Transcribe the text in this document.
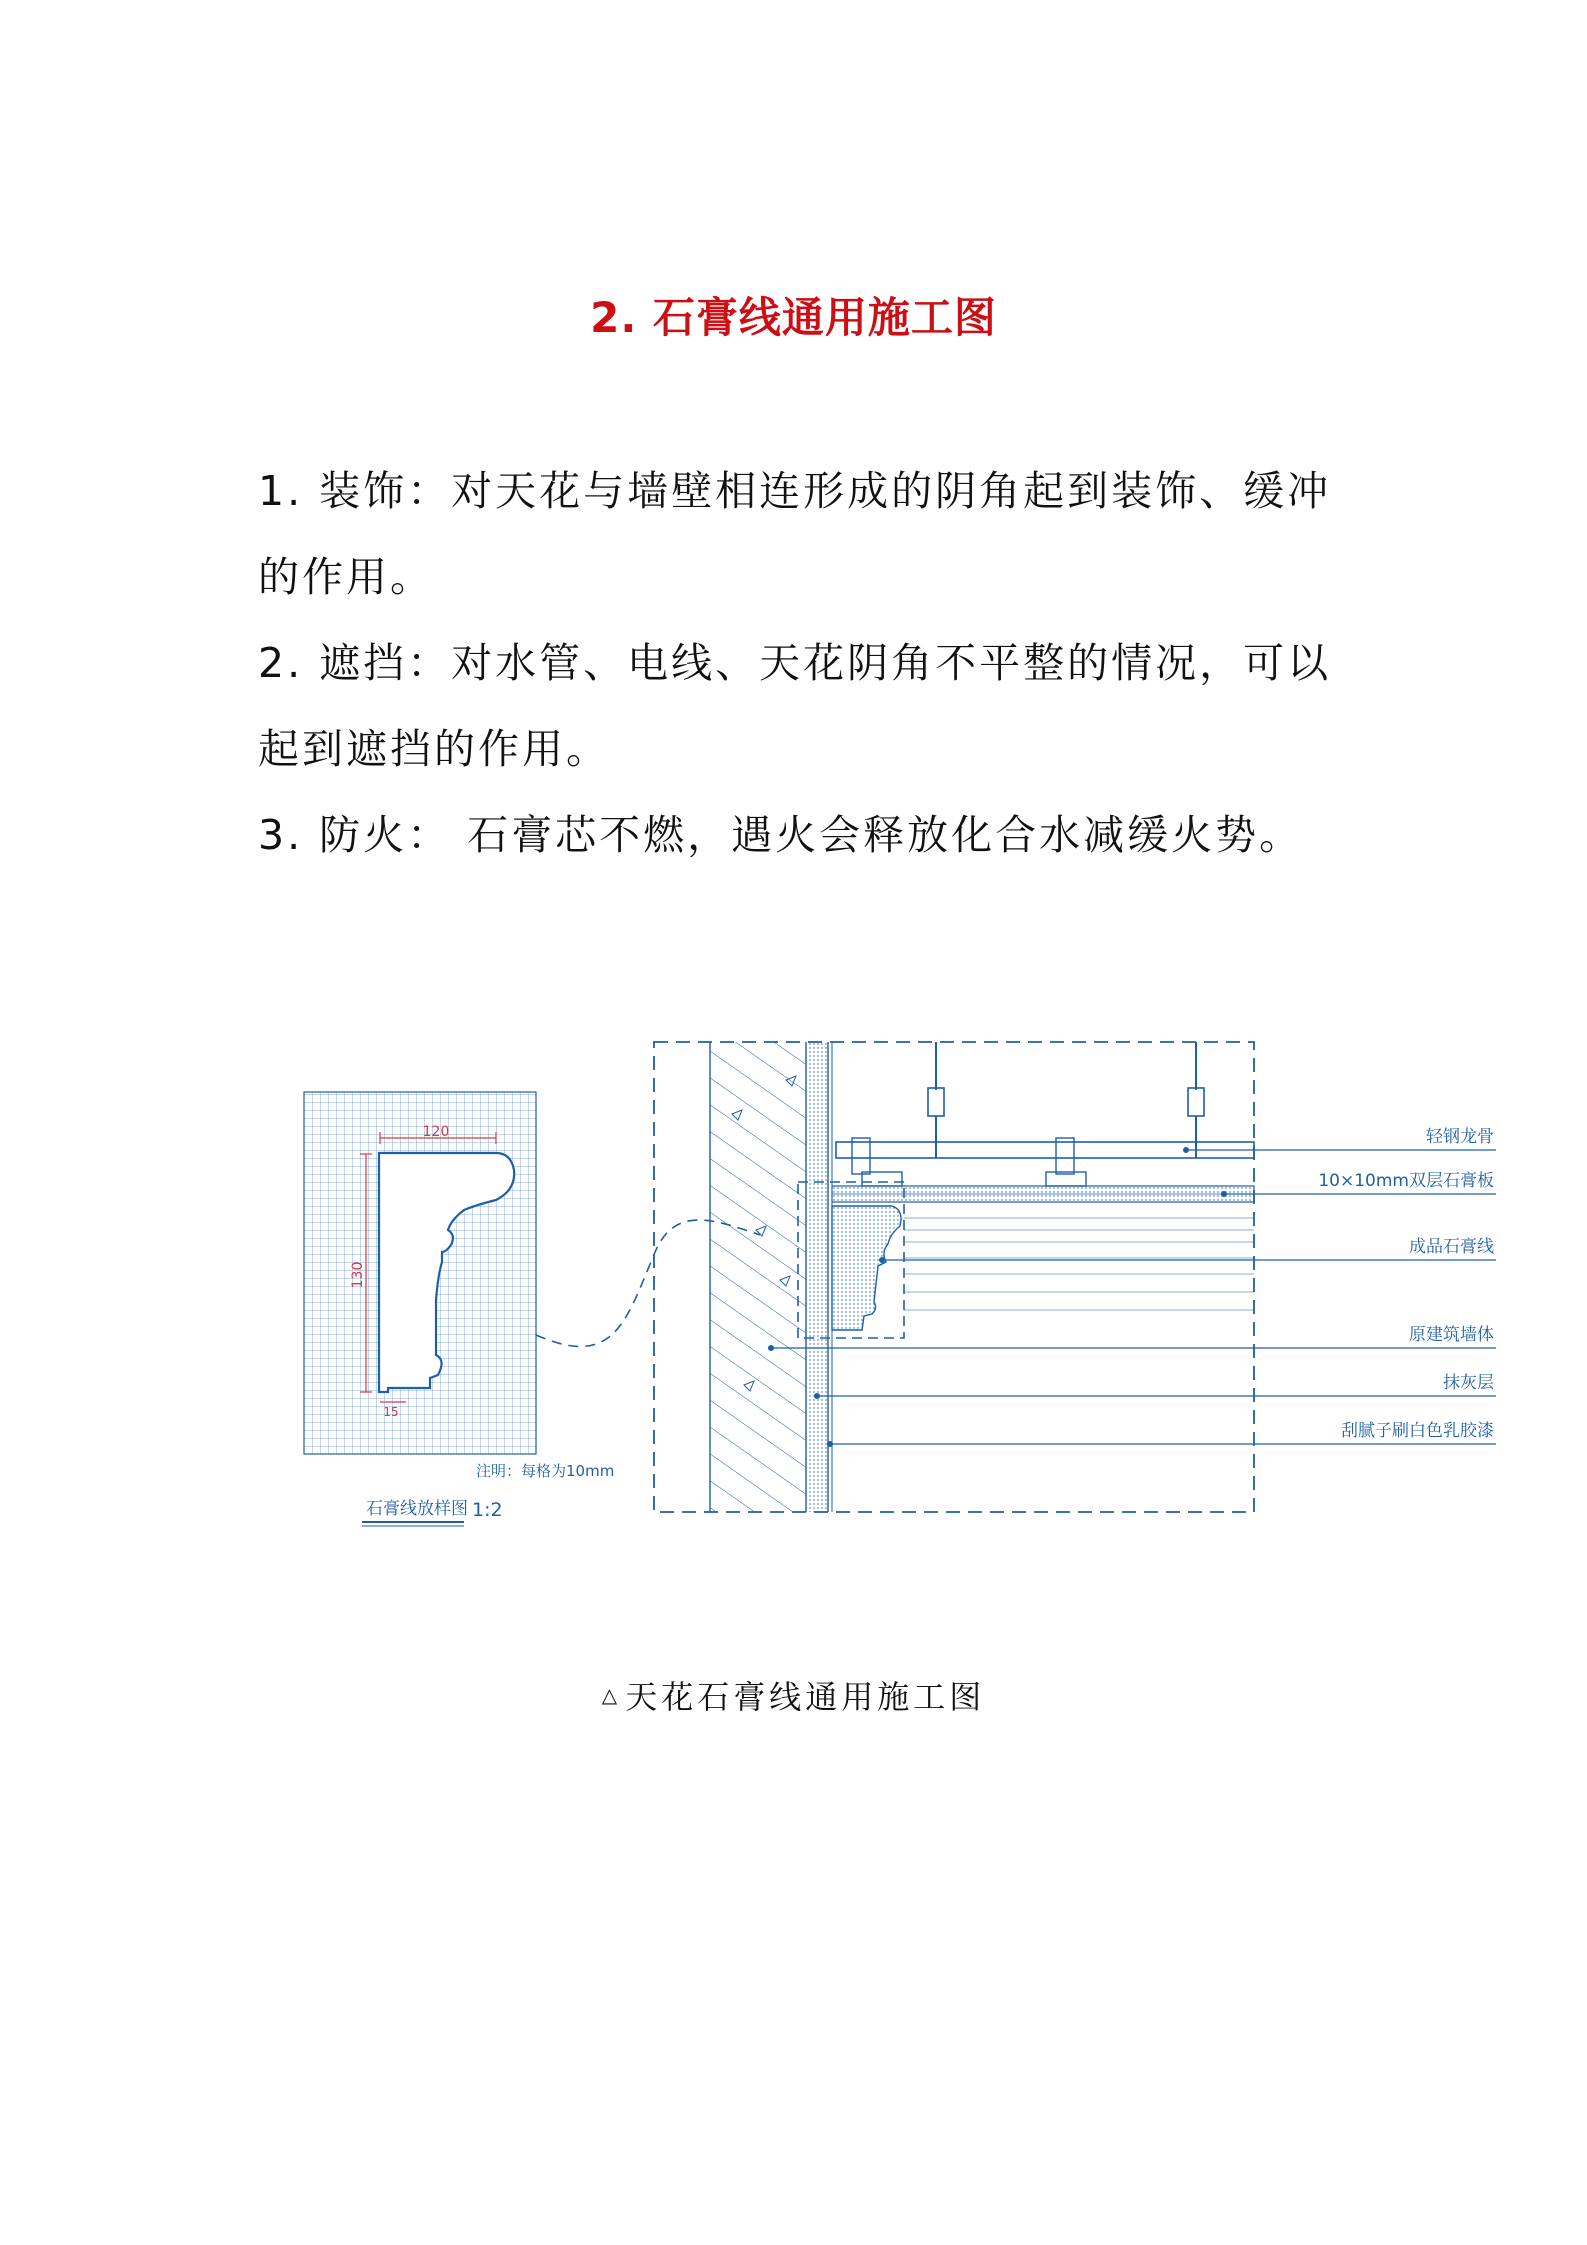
2. 石膏线通用施工图

1. 装饰：对天花与墙壁相连形成的阴角起到装饰、缓冲的作用。

2. 遮挡：对水管、电线、天花阴角不平整的情况，可以起到遮挡的作用。

3. 防火： 石膏芯不燃，遇火会释放化合水减缓火势。

120
130
15
注明：每格为10mm
石膏线放样图 1:2
轻钢龙骨
10×10mm双层石膏板
成品石膏线
原建筑墙体
抹灰层
刮腻子刷白色乳胶漆
△ 天花石膏线通用施工图
